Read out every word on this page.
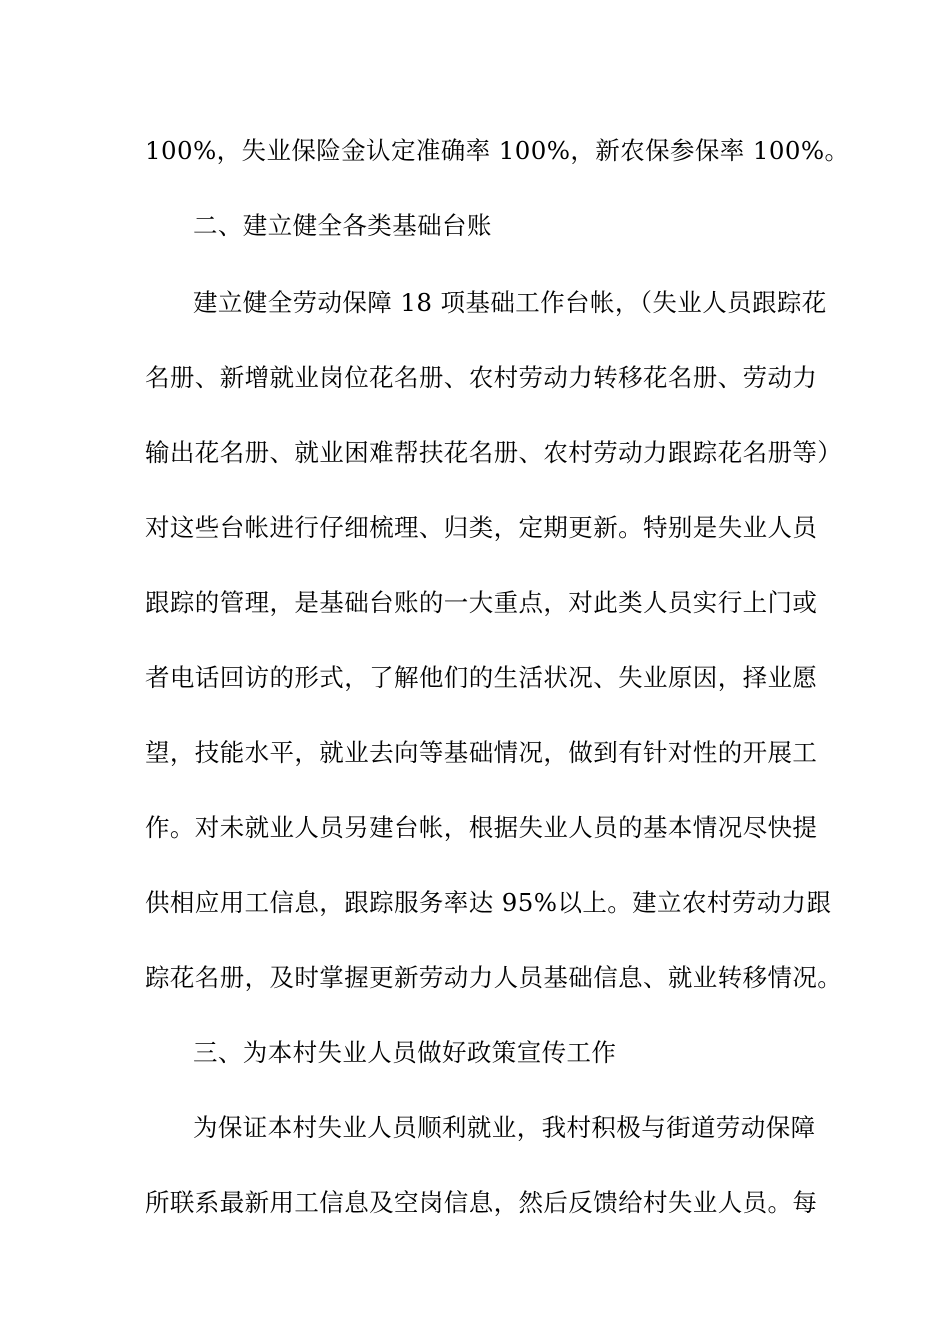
100%，失业保险金认定准确率 100%，新农保参保率 100%。

二、建立健全各类基础台账

建立健全劳动保障 18 项基础工作台帐，（失业人员跟踪花

名册、新增就业岗位花名册、农村劳动力转移花名册、劳动力

输出花名册、就业困难帮扶花名册、农村劳动力跟踪花名册等）

对这些台帐进行仔细梳理、归类，定期更新。特别是失业人员

跟踪的管理，是基础台账的一大重点，对此类人员实行上门或

者电话回访的形式，了解他们的生活状况、失业原因，择业愿

望，技能水平，就业去向等基础情况，做到有针对性的开展工

作。对未就业人员另建台帐，根据失业人员的基本情况尽快提

供相应用工信息，跟踪服务率达 95%以上。建立农村劳动力跟

踪花名册，及时掌握更新劳动力人员基础信息、就业转移情况。

三、为本村失业人员做好政策宣传工作

为保证本村失业人员顺利就业，我村积极与街道劳动保障

所联系最新用工信息及空岗信息，然后反馈给村失业人员。每
